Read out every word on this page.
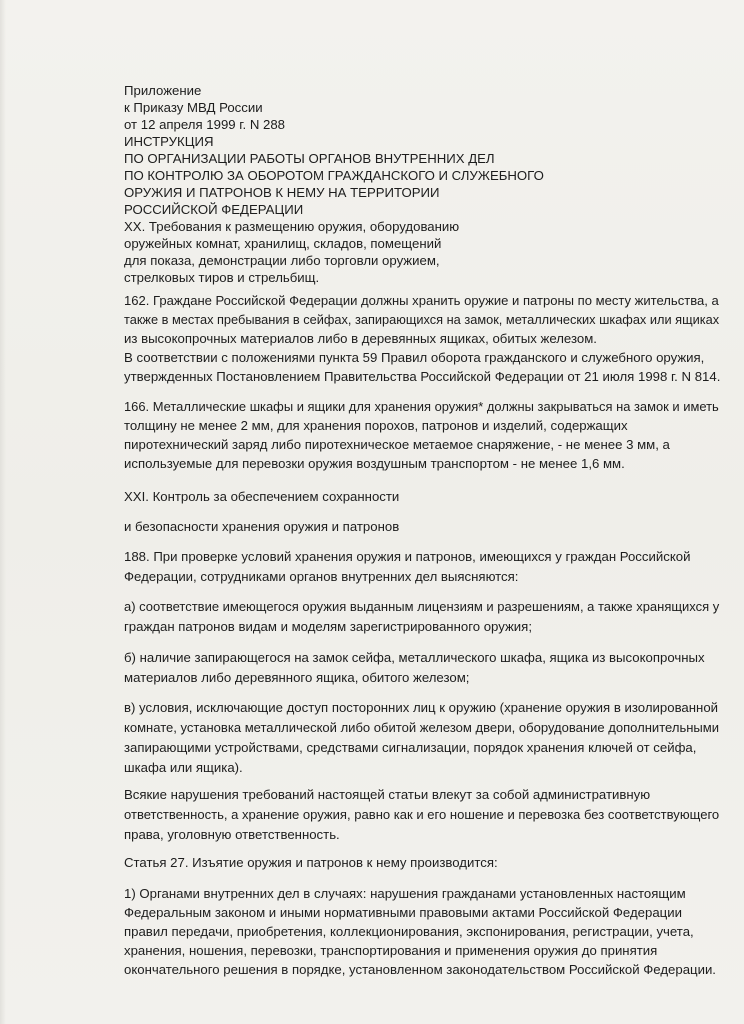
Приложение
к Приказу МВД России
от 12 апреля 1999 г. N 288
ИНСТРУКЦИЯ
ПО ОРГАНИЗАЦИИ РАБОТЫ ОРГАНОВ ВНУТРЕННИХ ДЕЛ
ПО КОНТРОЛЮ ЗА ОБОРОТОМ ГРАЖДАНСКОГО И СЛУЖЕБНОГО
ОРУЖИЯ И ПАТРОНОВ К НЕМУ НА ТЕРРИТОРИИ
РОССИЙСКОЙ ФЕДЕРАЦИИ
XX. Требования к размещению оружия, оборудованию
оружейных комнат, хранилищ, складов, помещений
для показа, демонстрации либо торговли оружием,
стрелковых тиров и стрельбищ.
162. Граждане Российской Федерации должны хранить оружие и патроны по месту жительства, а
также в местах пребывания в сейфах, запирающихся на замок, металлических шкафах или ящиках
из высокопрочных материалов либо в деревянных ящиках, обитых железом.
В соответствии с положениями пункта 59 Правил оборота гражданского и служебного оружия,
утвержденных Постановлением Правительства Российской Федерации от 21 июля 1998 г. N 814.
166. Металлические шкафы и ящики для хранения оружия* должны закрываться на замок и иметь
толщину не менее 2 мм, для хранения порохов, патронов и изделий, содержащих
пиротехнический заряд либо пиротехническое метаемое снаряжение, - не менее 3 мм, а
используемые для перевозки оружия воздушным транспортом - не менее 1,6 мм.
XXI. Контроль за обеспечением сохранности
и безопасности хранения оружия и патронов
188. При проверке условий хранения оружия и патронов, имеющихся у граждан Российской
Федерации, сотрудниками органов внутренних дел выясняются:
а) соответствие имеющегося оружия выданным лицензиям и разрешениям, а также хранящихся у
граждан патронов видам и моделям зарегистрированного оружия;
б) наличие запирающегося на замок сейфа, металлического шкафа, ящика из высокопрочных
материалов либо деревянного ящика, обитого железом;
в) условия, исключающие доступ посторонних лиц к оружию (хранение оружия в изолированной
комнате, установка металлической либо обитой железом двери, оборудование дополнительными
запирающими устройствами, средствами сигнализации, порядок хранения ключей от сейфа,
шкафа или ящика).
Всякие нарушения требований настоящей статьи влекут за собой административную
ответственность, а хранение оружия, равно как и его ношение и перевозка без соответствующего
права, уголовную ответственность.
Статья 27. Изъятие оружия и патронов к нему производится:
1) Органами внутренних дел в случаях: нарушения гражданами установленных настоящим
Федеральным законом и иными нормативными правовыми актами Российской Федерации
правил передачи, приобретения, коллекционирования, экспонирования, регистрации, учета,
хранения, ношения, перевозки, транспортирования и применения оружия до принятия
окончательного решения в порядке, установленном законодательством Российской Федерации.
